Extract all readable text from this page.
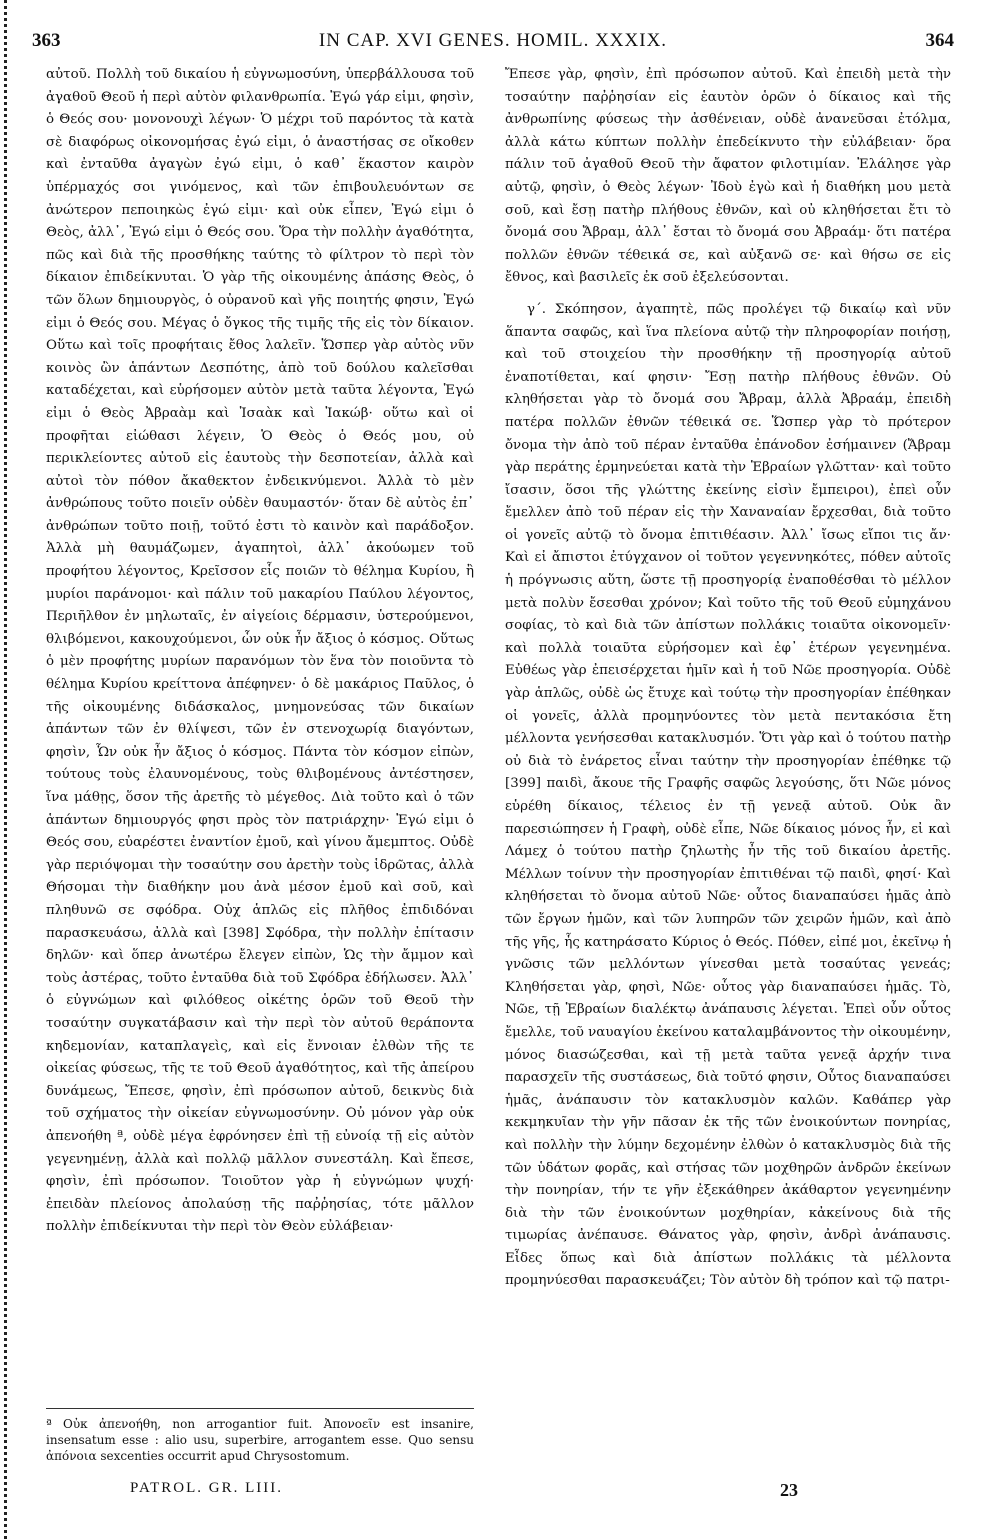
363	IN CAP. XVI GENES. HOMIL. XXXIX.	364

αὐτοῦ. Πολλὴ τοῦ δικαίου ἡ εὐγνωμοσύνη, ὑπερβάλλουσα τοῦ ἀγαθοῦ Θεοῦ ἡ περὶ αὐτὸν φιλανθρωπία. Ἐγώ γάρ εἰμι, φησὶν, ὁ Θεός σου· μονονουχὶ λέγων· Ὁ μέχρι τοῦ παρόντος τὰ κατὰ σὲ διαφόρως οἰκονομήσας ἐγώ εἰμι, ὁ ἀναστήσας σε οἴκοθεν καὶ ἐνταῦθα ἀγαγὼν ἐγώ εἰμι, ὁ καθ᾽ ἕκαστον καιρὸν ὑπέρμαχός σοι γινόμενος, καὶ τῶν ἐπιβουλευόντων σε ἀνώτερον πεποιηκὼς ἐγώ εἰμι· καὶ οὐκ εἶπεν, Ἐγώ εἰμι ὁ Θεὸς, ἀλλ᾽, Ἐγώ εἰμι ὁ Θεός σου. Ὅρα τὴν πολλὴν ἀγαθότητα, πῶς καὶ διὰ τῆς προσθήκης ταύτης τὸ φίλτρον τὸ περὶ τὸν δίκαιον ἐπιδείκνυται. Ὁ γὰρ τῆς οἰκουμένης ἁπάσης Θεὸς, ὁ τῶν ὅλων δημιουργὸς, ὁ οὐρανοῦ καὶ γῆς ποιητής φησιν, Ἐγώ εἰμι ὁ Θεός σου. Μέγας ὁ ὄγκος τῆς τιμῆς τῆς εἰς τὸν δίκαιον. Οὕτω καὶ τοῖς προφήταις ἔθος λαλεῖν. Ὥσπερ γὰρ αὐτὸς νῦν κοινὸς ὢν ἁπάντων Δεσπότης, ἀπὸ τοῦ δούλου καλεῖσθαι καταδέχεται, καὶ εὑρήσομεν αὐτὸν μετὰ ταῦτα λέγοντα, Ἐγώ εἰμι ὁ Θεὸς Ἀβραὰμ καὶ Ἰσαὰκ καὶ Ἰακώβ· οὕτω καὶ οἱ προφῆται εἰώθασι λέγειν, Ὁ Θεὸς ὁ Θεός μου, οὐ περικλείοντες αὐτοῦ εἰς ἑαυτοὺς τὴν δεσποτείαν, ἀλλὰ καὶ αὐτοὶ τὸν πόθον ἄκαθεκτον ἐνδεικνύμενοι. Ἀλλὰ τὸ μὲν ἀνθρώπους τοῦτο ποιεῖν οὐδὲν θαυμαστόν· ὅταν δὲ αὐτὸς ἐπ᾽ ἀνθρώπων τοῦτο ποιῇ, τοῦτό ἐστι τὸ καινὸν καὶ παράδοξον. Ἀλλὰ μὴ θαυμάζωμεν, ἀγαπητοὶ, ἀλλ᾽ ἀκούωμεν τοῦ προφήτου λέγοντος, Κρεῖσσον εἷς ποιῶν τὸ θέλημα Κυρίου, ἢ μυρίοι παράνομοι· καὶ πάλιν τοῦ μακαρίου Παύλου λέγοντος, Περιῆλθον ἐν μηλωταῖς, ἐν αἰγείοις δέρμασιν, ὑστερούμενοι, θλιβόμενοι, κακουχούμενοι, ὧν οὐκ ἦν ἄξιος ὁ κόσμος. Οὕτως ὁ μὲν προφήτης μυρίων παρανόμων τὸν ἕνα τὸν ποιοῦντα τὸ θέλημα Κυρίου κρείττονα ἀπέφηνεν· ὁ δὲ μακάριος Παῦλος, ὁ τῆς οἰκουμένης διδάσκαλος, μνημονεύσας τῶν δικαίων ἁπάντων τῶν ἐν θλίψεσι, τῶν ἐν στενοχωρίᾳ διαγόντων, φησὶν, Ὧν οὐκ ἦν ἄξιος ὁ κόσμος. Πάντα τὸν κόσμον εἰπὼν, τούτους τοὺς ἐλαυνομένους, τοὺς θλιβομένους ἀντέστησεν, ἵνα μάθῃς, ὅσον τῆς ἀρετῆς τὸ μέγεθος. Διὰ τοῦτο καὶ ὁ τῶν ἁπάντων δημιουργός φησι πρὸς τὸν πατριάρχην· Ἐγώ εἰμι ὁ Θεός σου, εὐαρέστει ἐναντίον ἐμοῦ, καὶ γίνου ἄμεμπτος. Οὐδὲ γὰρ περιόψομαι τὴν τοσαύτην σου ἀρετὴν τοὺς ἱδρῶτας, ἀλλὰ Θήσομαι τὴν διαθήκην μου ἀνὰ μέσον ἐμοῦ καὶ σοῦ, καὶ πληθυνῶ σε σφόδρα. Οὐχ ἁπλῶς εἰς πλῆθος ἐπιδιδόναι παρασκευάσω, ἀλλὰ καὶ [398] Σφόδρα, τὴν πολλὴν ἐπίτασιν δηλῶν· καὶ ὅπερ ἀνωτέρω ἔλεγεν εἰπὼν, Ὡς τὴν ἄμμον καὶ τοὺς ἀστέρας, τοῦτο ἐνταῦθα διὰ τοῦ Σφόδρα ἐδήλωσεν. Ἀλλ᾽ ὁ εὐγνώμων καὶ φιλόθεος οἰκέτης ὁρῶν τοῦ Θεοῦ τὴν τοσαύτην συγκατάβασιν καὶ τὴν περὶ τὸν αὐτοῦ θεράποντα κηδεμονίαν, καταπλαγεὶς, καὶ εἰς ἔννοιαν ἐλθὼν τῆς τε οἰκείας φύσεως, τῆς τε τοῦ Θεοῦ ἀγαθότητος, καὶ τῆς ἀπείρου δυνάμεως, Ἔπεσε, φησὶν, ἐπὶ πρόσωπον αὐτοῦ, δεικνὺς διὰ τοῦ σχήματος τὴν οἰκείαν εὐγνωμοσύνην. Οὐ μόνον γὰρ οὐκ ἀπενοήθη ª, οὐδὲ μέγα ἐφρόνησεν ἐπὶ τῇ εὐνοίᾳ τῇ εἰς αὐτὸν γεγενημένῃ, ἀλλὰ καὶ πολλῷ μᾶλλον συνεστάλη. Καὶ ἔπεσε, φησὶν, ἐπὶ πρόσωπον. Τοιοῦτον γὰρ ἡ εὐγνώμων ψυχή· ἐπειδὰν πλείονος ἀπολαύσῃ τῆς παῤῥησίας, τότε μᾶλλον πολλὴν ἐπιδείκνυται τὴν περὶ τὸν Θεὸν εὐλάβειαν·

Ἔπεσε γὰρ, φησὶν, ἐπὶ πρόσωπον αὐτοῦ. Καὶ ἐπειδὴ μετὰ τὴν τοσαύτην παῤῥησίαν εἰς ἑαυτὸν ὁρῶν ὁ δίκαιος καὶ τῆς ἀνθρωπίνης φύσεως τὴν ἀσθένειαν, οὐδὲ ἀνανεῦσαι ἐτόλμα, ἀλλὰ κάτω κύπτων πολλὴν ἐπεδείκνυτο τὴν εὐλάβειαν· ὅρα πάλιν τοῦ ἀγαθοῦ Θεοῦ τὴν ἄφατον φιλοτιμίαν. Ἐλάλησε γὰρ αὐτῷ, φησὶν, ὁ Θεὸς λέγων· Ἰδοὺ ἐγὼ καὶ ἡ διαθήκη μου μετὰ σοῦ, καὶ ἔσῃ πατὴρ πλήθους ἐθνῶν, καὶ οὐ κληθήσεται ἔτι τὸ ὄνομά σου Ἄβραμ, ἀλλ᾽ ἔσται τὸ ὄνομά σου Ἀβραάμ· ὅτι πατέρα πολλῶν ἐθνῶν τέθεικά σε, καὶ αὐξανῶ σε· καὶ θήσω σε εἰς ἔθνος, καὶ βασιλεῖς ἐκ σοῦ ἐξελεύσονται.

γ΄. Σκόπησον, ἀγαπητὲ, πῶς προλέγει τῷ δικαίῳ καὶ νῦν ἅπαντα σαφῶς, καὶ ἵνα πλείονα αὐτῷ τὴν πληροφορίαν ποιήσῃ, καὶ τοῦ στοιχείου τὴν προσθήκην τῇ προσηγορίᾳ αὐτοῦ ἐναποτίθεται, καί φησιν· Ἔσῃ πατὴρ πλήθους ἐθνῶν. Οὐ κληθήσεται γὰρ τὸ ὄνομά σου Ἄβραμ, ἀλλὰ Ἀβραάμ, ἐπειδὴ πατέρα πολλῶν ἐθνῶν τέθεικά σε. Ὥσπερ γὰρ τὸ πρότερον ὄνομα τὴν ἀπὸ τοῦ πέραν ἐνταῦθα ἐπάνοδον ἐσήμαινεν (Ἄβραμ γὰρ περάτης ἑρμηνεύεται κατὰ τὴν Ἑβραίων γλῶτταν· καὶ τοῦτο ἴσασιν, ὅσοι τῆς γλώττης ἐκείνης εἰσὶν ἔμπειροι), ἐπεὶ οὖν ἔμελλεν ἀπὸ τοῦ πέραν εἰς τὴν Χαναναίαν ἔρχεσθαι, διὰ τοῦτο οἱ γονεῖς αὐτῷ τὸ ὄνομα ἐπιτιθέασιν. Ἀλλ᾽ ἴσως εἴποι τις ἄν· Καὶ εἰ ἄπιστοι ἐτύγχανον οἱ τοῦτον γεγεννηκότες, πόθεν αὐτοῖς ἡ πρόγνωσις αὕτη, ὥστε τῇ προσηγορίᾳ ἐναποθέσθαι τὸ μέλλον μετὰ πολὺν ἔσεσθαι χρόνον; Καὶ τοῦτο τῆς τοῦ Θεοῦ εὐμηχάνου σοφίας, τὸ καὶ διὰ τῶν ἀπίστων πολλάκις τοιαῦτα οἰκονομεῖν· καὶ πολλὰ τοιαῦτα εὑρήσομεν καὶ ἐφ᾽ ἑτέρων γεγενημένα. Εὐθέως γὰρ ἐπεισέρχεται ἡμῖν καὶ ἡ τοῦ Νῶε προσηγορία. Οὐδὲ γὰρ ἁπλῶς, οὐδὲ ὡς ἔτυχε καὶ τούτῳ τὴν προσηγορίαν ἐπέθηκαν οἱ γονεῖς, ἀλλὰ προμηνύοντες τὸν μετὰ πεντακόσια ἔτη μέλλοντα γενήσεσθαι κατακλυσμόν. Ὅτι γὰρ καὶ ὁ τούτου πατὴρ οὐ διὰ τὸ ἐνάρετος εἶναι ταύτην τὴν προσηγορίαν ἐπέθηκε τῷ [399] παιδὶ, ἄκουε τῆς Γραφῆς σαφῶς λεγούσης, ὅτι Νῶε μόνος εὑρέθη δίκαιος, τέλειος ἐν τῇ γενεᾷ αὐτοῦ. Οὐκ ἂν παρεσιώπησεν ἡ Γραφὴ, οὐδὲ εἶπε, Νῶε δίκαιος μόνος ἦν, εἰ καὶ Λάμεχ ὁ τούτου πατὴρ ζηλωτὴς ἦν τῆς τοῦ δικαίου ἀρετῆς. Μέλλων τοίνυν τὴν προσηγορίαν ἐπιτιθέναι τῷ παιδὶ, φησί· Καὶ κληθήσεται τὸ ὄνομα αὐτοῦ Νῶε· οὗτος διαναπαύσει ἡμᾶς ἀπὸ τῶν ἔργων ἡμῶν, καὶ τῶν λυπηρῶν τῶν χειρῶν ἡμῶν, καὶ ἀπὸ τῆς γῆς, ἧς κατηράσατο Κύριος ὁ Θεός. Πόθεν, εἰπέ μοι, ἐκεῖνῳ ἡ γνῶσις τῶν μελλόντων γίνεσθαι μετὰ τοσαύτας γενεάς; Κληθήσεται γὰρ, φησὶ, Νῶε· οὗτος γὰρ διαναπαύσει ἡμᾶς. Τὸ, Νῶε, τῇ Ἑβραίων διαλέκτῳ ἀνάπαυσις λέγεται. Ἐπεὶ οὖν οὗτος ἔμελλε, τοῦ ναυαγίου ἐκείνου καταλαμβάνοντος τὴν οἰκουμένην, μόνος διασώζεσθαι, καὶ τῇ μετὰ ταῦτα γενεᾷ ἀρχήν τινα παρασχεῖν τῆς συστάσεως, διὰ τοῦτό φησιν, Οὗτος διαναπαύσει ἡμᾶς, ἀνάπαυσιν τὸν κατακλυσμὸν καλῶν. Καθάπερ γὰρ κεκμηκυῖαν τὴν γῆν πᾶσαν ἐκ τῆς τῶν ἐνοικούντων πονηρίας, καὶ πολλὴν τὴν λύμην δεχομένην ἐλθὼν ὁ κατακλυσμὸς διὰ τῆς τῶν ὑδάτων φορᾶς, καὶ στήσας τῶν μοχθηρῶν ἀνδρῶν ἐκείνων τὴν πονηρίαν, τήν τε γῆν ἐξεκάθηρεν ἀκάθαρτον γεγενημένην διὰ τὴν τῶν ἐνοικούντων μοχθηρίαν, κἀκείνους διὰ τῆς τιμωρίας ἀνέπαυσε. Θάνατος γὰρ, φησὶν, ἀνδρὶ ἀνάπαυσις. Εἶδες ὅπως καὶ διὰ ἀπίστων πολλάκις τὰ μέλλοντα προμηνύεσθαι παρασκευάζει; Τὸν αὐτὸν δὴ τρόπον καὶ τῷ πατρι-

ª Οὐκ ἀπενοήθη, non arrogantior fuit. Ἀπονοεῖν est insanire, insensatum esse : alio usu, superbire, arrogantem esse. Quo sensu ἀπόνοια sexcenties occurrit apud Chrysostomum.
PATROL. GR. LIII.	23
